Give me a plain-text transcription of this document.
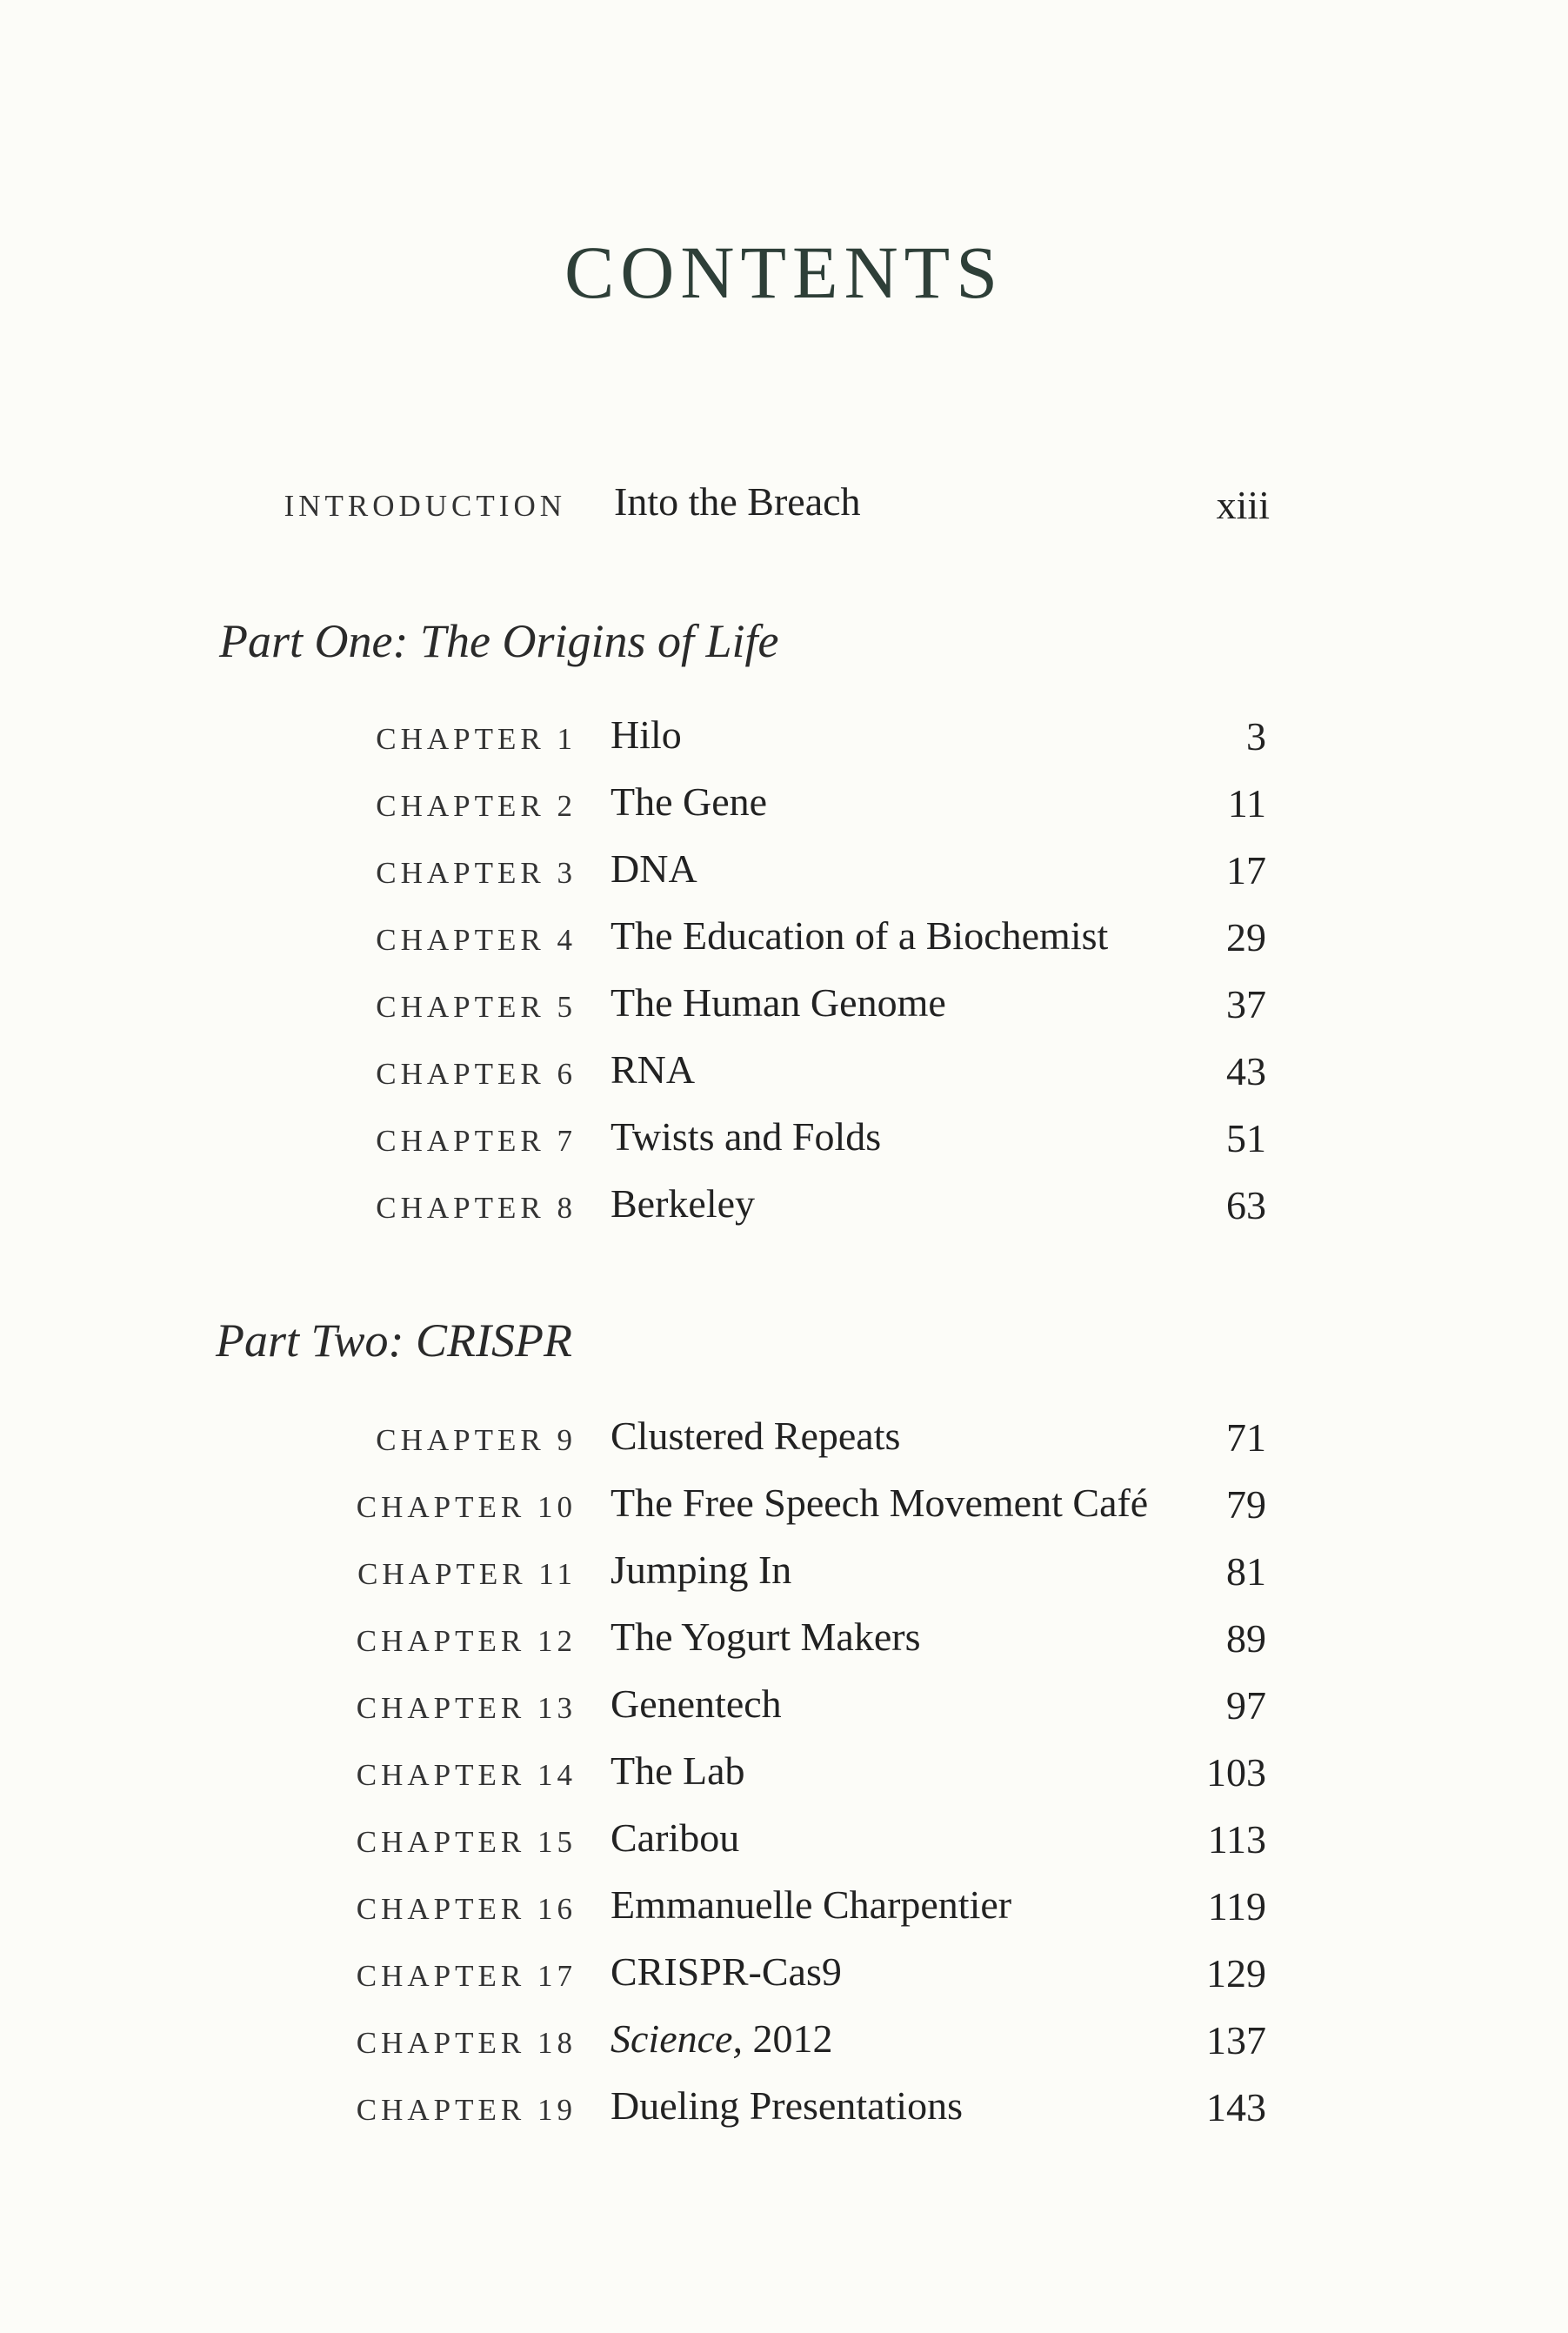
CONTENTS
INTRODUCTION Into the Breach	xiii
Part One: The Origins of Life
CHAPTER 1 Hilo	3
CHAPTER 2 The Gene	11
CHAPTER 3 DNA	17
CHAPTER 4 The Education of a Biochemist	29
CHAPTER 5 The Human Genome	37
CHAPTER 6 RNA	43
CHAPTER 7 Twists and Folds	51
CHAPTER 8 Berkeley	63
Part Two: CRISPR
CHAPTER 9 Clustered Repeats	71
CHAPTER 10 The Free Speech Movement Café	79
CHAPTER 11 Jumping In	81
CHAPTER 12 The Yogurt Makers	89
CHAPTER 13 Genentech	97
CHAPTER 14 The Lab	103
CHAPTER 15 Caribou	113
CHAPTER 16 Emmanuelle Charpentier	119
CHAPTER 17 CRISPR-Cas9	129
CHAPTER 18 Science, 2012	137
CHAPTER 19 Dueling Presentations	143
